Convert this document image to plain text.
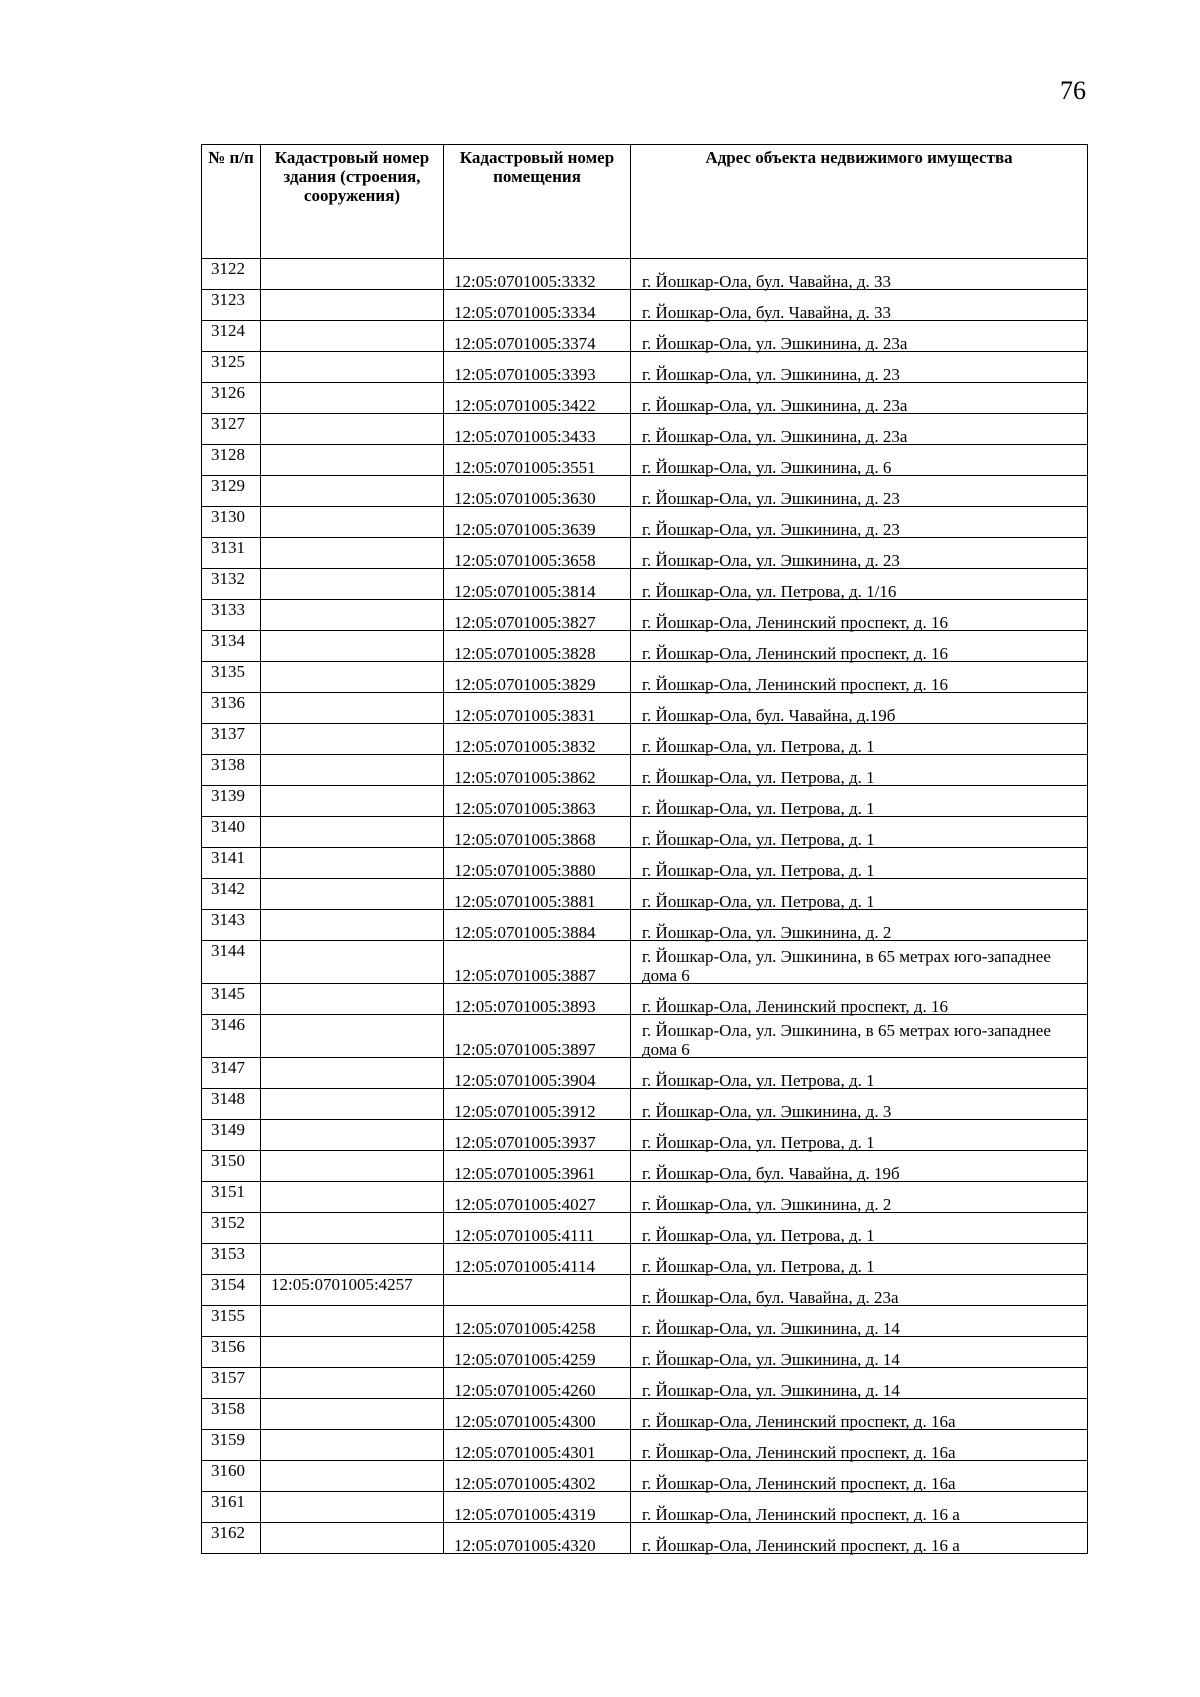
76
№ п/п	Кадастровый номер здания (строения, сооружения)	Кадастровый номер помещения	Адрес объекта недвижимого имущества
3122		12:05:0701005:3332	г. Йошкар-Ола, бул. Чавайна, д. 33

3123		12:05:0701005:3334	г. Йошкар-Ола, бул. Чавайна, д. 33

3124		12:05:0701005:3374	г. Йошкар-Ола, ул. Эшкинина, д. 23а

3125		12:05:0701005:3393	г. Йошкар-Ола, ул. Эшкинина, д. 23

3126		12:05:0701005:3422	г. Йошкар-Ола, ул. Эшкинина, д. 23а

3127		12:05:0701005:3433	г. Йошкар-Ола, ул. Эшкинина, д. 23а

3128		12:05:0701005:3551	г. Йошкар-Ола, ул. Эшкинина, д. 6

3129		12:05:0701005:3630	г. Йошкар-Ола, ул. Эшкинина, д. 23

3130		12:05:0701005:3639	г. Йошкар-Ола, ул. Эшкинина, д. 23

3131		12:05:0701005:3658	г. Йошкар-Ола, ул. Эшкинина, д. 23

3132		12:05:0701005:3814	г. Йошкар-Ола, ул. Петрова, д. 1/16

3133		12:05:0701005:3827	г. Йошкар-Ола, Ленинский проспект, д. 16

3134		12:05:0701005:3828	г. Йошкар-Ола, Ленинский проспект, д. 16

3135		12:05:0701005:3829	г. Йошкар-Ола, Ленинский проспект, д. 16

3136		12:05:0701005:3831	г. Йошкар-Ола, бул. Чавайна, д.19б

3137		12:05:0701005:3832	г. Йошкар-Ола, ул. Петрова, д. 1

3138		12:05:0701005:3862	г. Йошкар-Ола, ул. Петрова, д. 1

3139		12:05:0701005:3863	г. Йошкар-Ола, ул. Петрова, д. 1

3140		12:05:0701005:3868	г. Йошкар-Ола, ул. Петрова, д. 1

3141		12:05:0701005:3880	г. Йошкар-Ола, ул. Петрова, д. 1

3142		12:05:0701005:3881	г. Йошкар-Ола, ул. Петрова, д. 1

3143		12:05:0701005:3884	г. Йошкар-Ола, ул. Эшкинина, д. 2

3144		12:05:0701005:3887	г. Йошкар-Ола, ул. Эшкинина, в 65 метрах юго-западнее дома 6

3145		12:05:0701005:3893	г. Йошкар-Ола, Ленинский проспект, д. 16

3146		12:05:0701005:3897	г. Йошкар-Ола, ул. Эшкинина, в 65 метрах юго-западнее дома 6

3147		12:05:0701005:3904	г. Йошкар-Ола, ул. Петрова, д. 1

3148		12:05:0701005:3912	г. Йошкар-Ола, ул. Эшкинина, д. 3

3149		12:05:0701005:3937	г. Йошкар-Ола, ул. Петрова, д. 1

3150		12:05:0701005:3961	г. Йошкар-Ола, бул. Чавайна, д. 19б

3151		12:05:0701005:4027	г. Йошкар-Ола, ул. Эшкинина, д. 2

3152		12:05:0701005:4111	г. Йошкар-Ола, ул. Петрова, д. 1

3153		12:05:0701005:4114	г. Йошкар-Ола, ул. Петрова, д. 1

3154	12:05:0701005:4257		г. Йошкар-Ола, бул. Чавайна, д. 23а

3155		12:05:0701005:4258	г. Йошкар-Ола, ул. Эшкинина, д. 14

3156		12:05:0701005:4259	г. Йошкар-Ола, ул. Эшкинина, д. 14

3157		12:05:0701005:4260	г. Йошкар-Ола, ул. Эшкинина, д. 14

3158		12:05:0701005:4300	г. Йошкар-Ола, Ленинский проспект, д. 16а

3159		12:05:0701005:4301	г. Йошкар-Ола, Ленинский проспект, д. 16а

3160		12:05:0701005:4302	г. Йошкар-Ола, Ленинский проспект, д. 16а

3161		12:05:0701005:4319	г. Йошкар-Ола, Ленинский проспект, д. 16 а

3162		12:05:0701005:4320	г. Йошкар-Ола, Ленинский проспект, д. 16 а
